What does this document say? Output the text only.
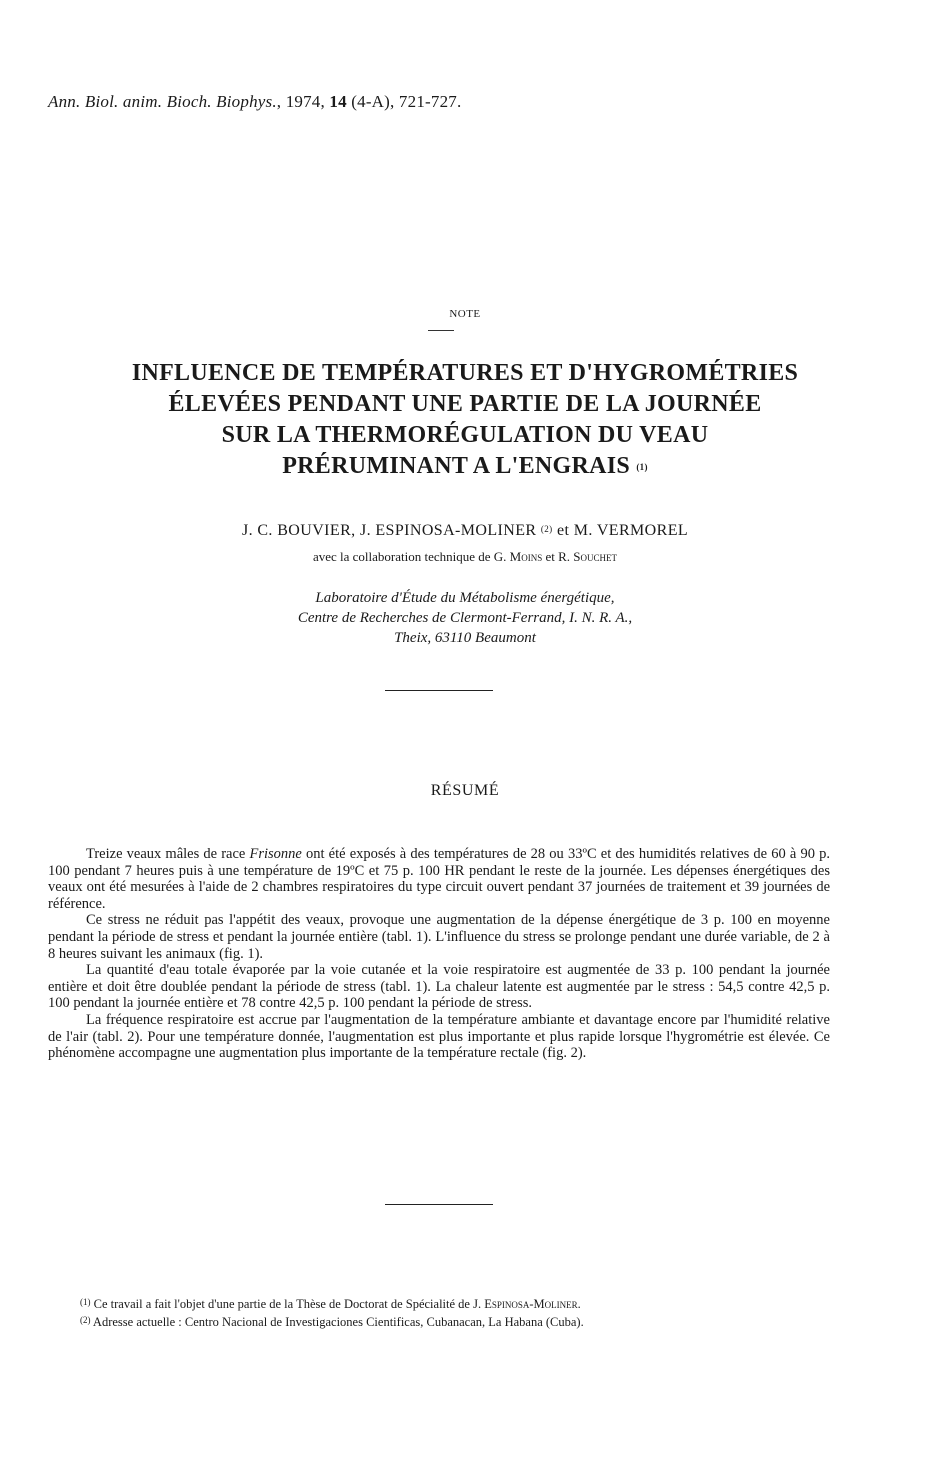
Ann. Biol. anim. Bioch. Biophys., 1974, 14 (4-A), 721-727.
NOTE
INFLUENCE DE TEMPÉRATURES ET D'HYGROMÉTRIES
ÉLEVÉES PENDANT UNE PARTIE DE LA JOURNÉE
SUR LA THERMORÉGULATION DU VEAU
PRÉRUMINANT A L'ENGRAIS (1)
J. C. BOUVIER, J. ESPINOSA-MOLINER (2) et M. VERMOREL
avec la collaboration technique de G. Moins et R. Souchet
Laboratoire d'Étude du Métabolisme énergétique,
Centre de Recherches de Clermont-Ferrand, I. N. R. A.,
Theix, 63110 Beaumont
RÉSUMÉ

Treize veaux mâles de race Frisonne ont été exposés à des températures de 28 ou 33ºC et des humidités relatives de 60 à 90 p. 100 pendant 7 heures puis à une température de 19ºC et 75 p. 100 HR pendant le reste de la journée. Les dépenses énergétiques des veaux ont été mesurées à l'aide de 2 chambres respiratoires du type circuit ouvert pendant 37 journées de traitement et 39 journées de référence.

Ce stress ne réduit pas l'appétit des veaux, provoque une augmentation de la dépense énergétique de 3 p. 100 en moyenne pendant la période de stress et pendant la journée entière (tabl. 1). L'influence du stress se prolonge pendant une durée variable, de 2 à 8 heures suivant les animaux (fig. 1).

La quantité d'eau totale évaporée par la voie cutanée et la voie respiratoire est augmentée de 33 p. 100 pendant la journée entière et doit être doublée pendant la période de stress (tabl. 1). La chaleur latente est augmentée par le stress : 54,5 contre 42,5 p. 100 pendant la journée entière et 78 contre 42,5 p. 100 pendant la période de stress.

La fréquence respiratoire est accrue par l'augmentation de la température ambiante et davantage encore par l'humidité relative de l'air (tabl. 2). Pour une température donnée, l'augmentation est plus importante et plus rapide lorsque l'hygrométrie est élevée. Ce phénomène accompagne une augmentation plus importante de la température rectale (fig. 2).

$^{(1)}$ Ce travail a fait l'objet d'une partie de la Thèse de Doctorat de Spécialité de J. Espinosa-Moliner.
$^{(2)}$ Adresse actuelle : Centro Nacional de Investigaciones Cientificas, Cubanacan, La Habana (Cuba).
